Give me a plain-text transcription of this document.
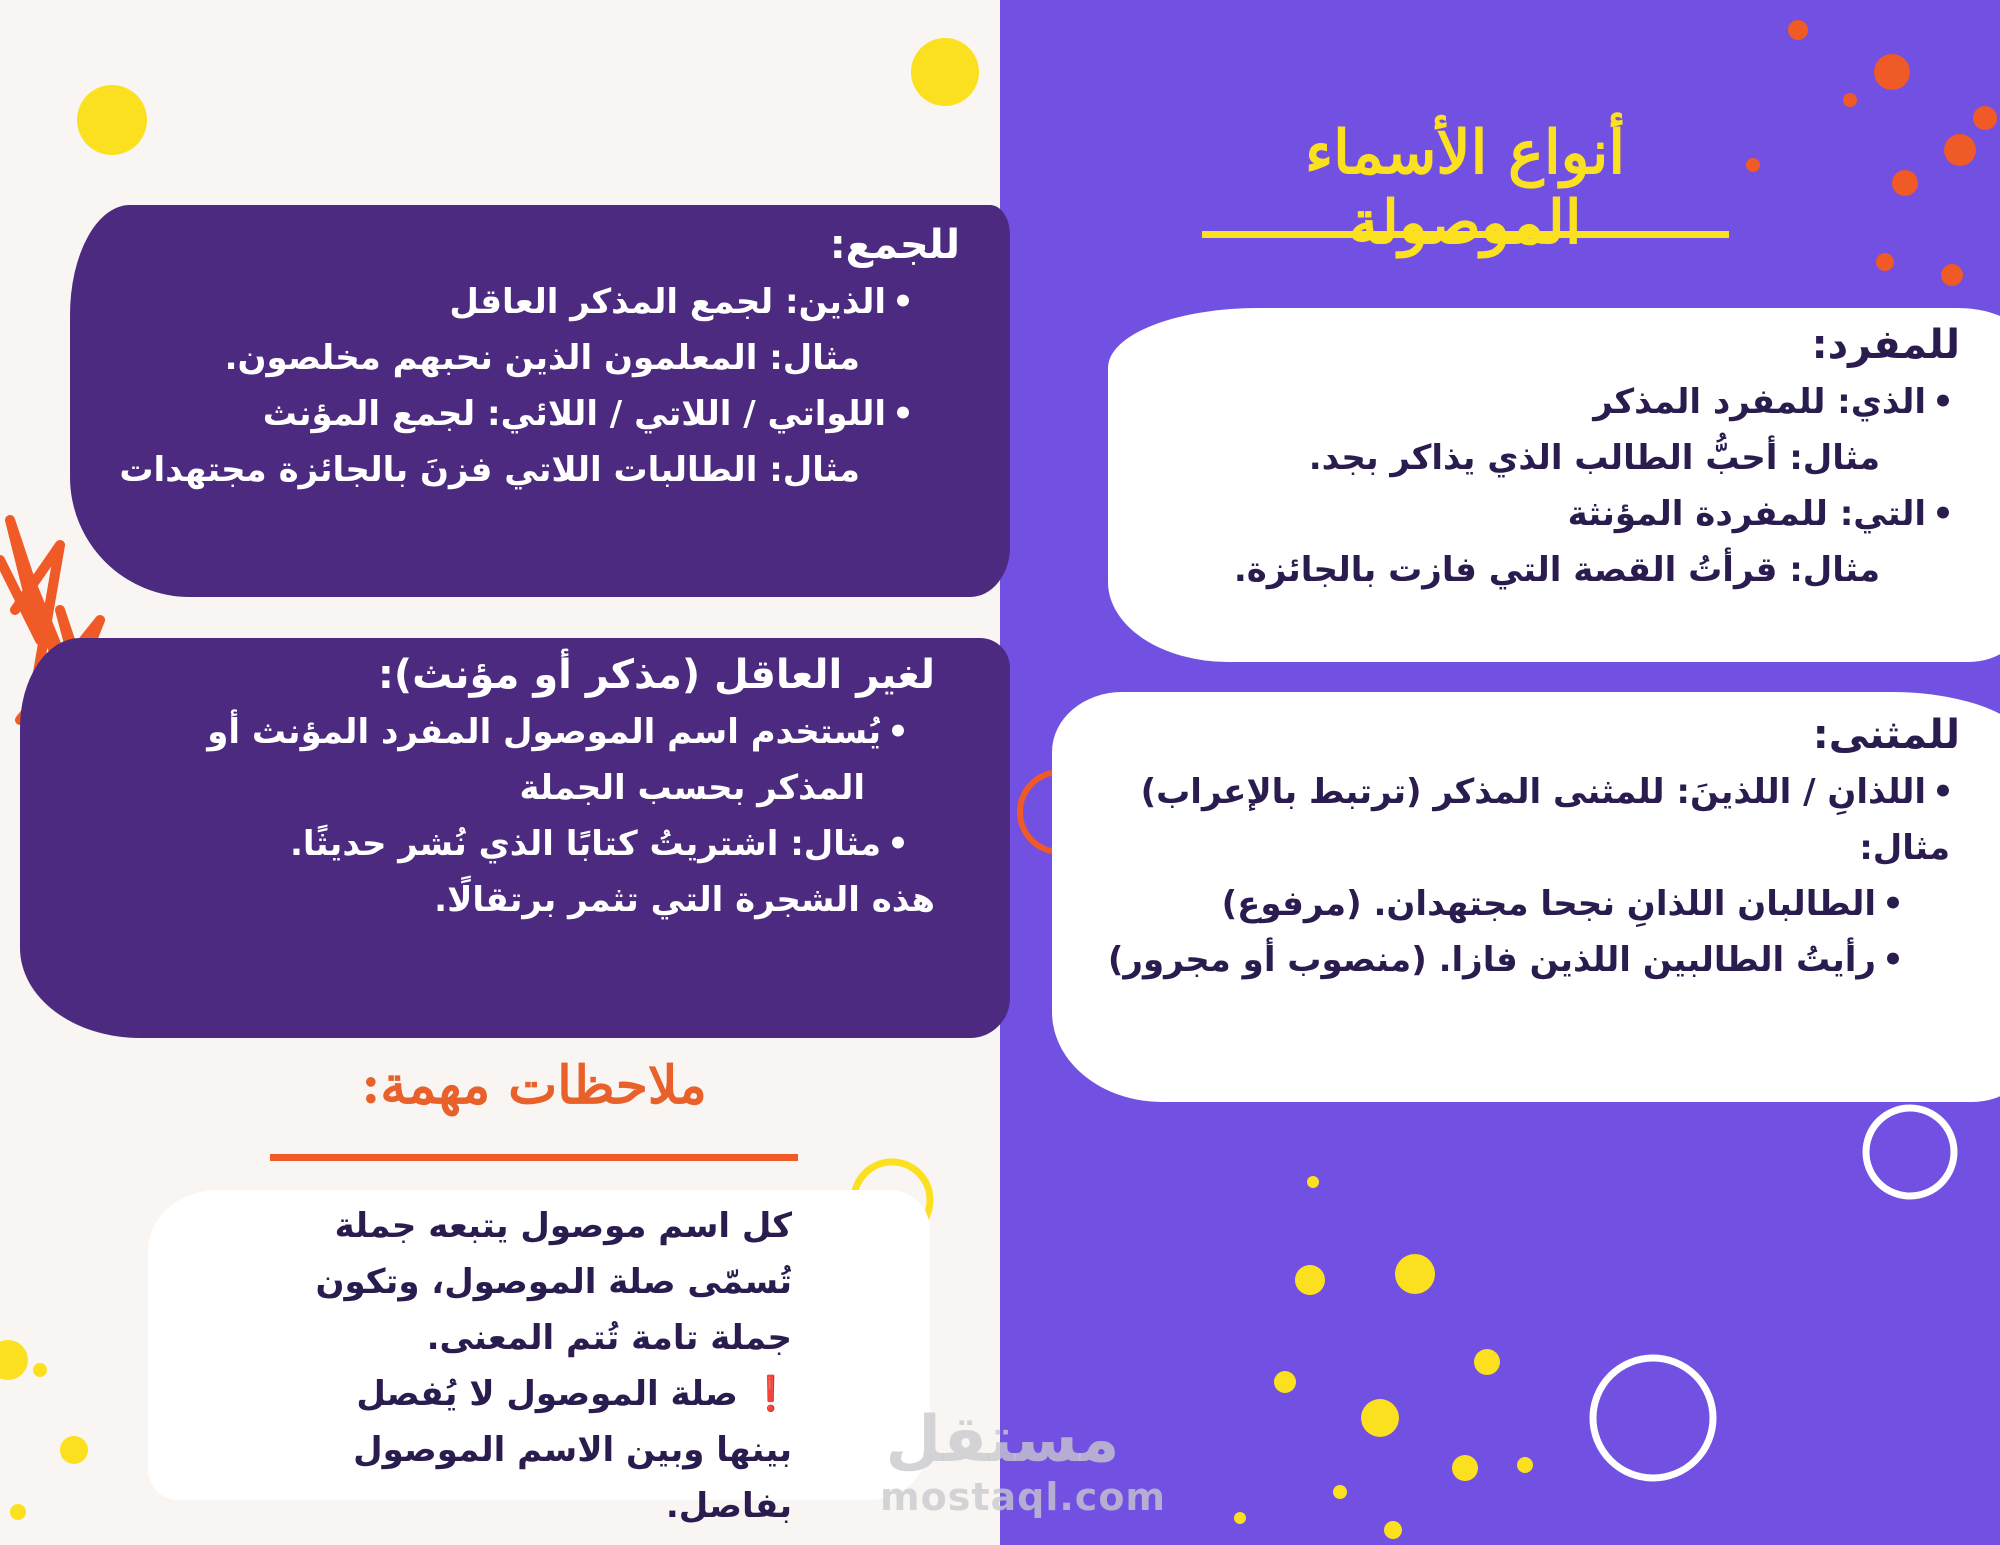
أنواع الأسماء الموصولة
للمفرد:
• الذي: للمفرد المذكر
مثال: أحبُّ الطالب الذي يذاكر بجد.
• التي: للمفردة المؤنثة
مثال: قرأتُ القصة التي فازت بالجائزة.
للمثنى:
• اللذانِ / اللذينَ: للمثنى المذكر (ترتبط بالإعراب)
مثال:
• الطالبان اللذانِ نجحا مجتهدان. (مرفوع)
• رأيتُ الطالبين اللذين فازا. (منصوب أو مجرور)
للجمع:
• الذين: لجمع المذكر العاقل
مثال: المعلمون الذين نحبهم مخلصون.
• اللواتي / اللاتي / اللائي: لجمع المؤنث
مثال: الطالبات اللاتي فزنَ بالجائزة مجتهدات
لغير العاقل (مذكر أو مؤنث):
• يُستخدم اسم الموصول المفرد المؤنث أو
المذكر بحسب الجملة
• مثال: اشتريتُ كتابًا الذي نُشر حديثًا.
هذه الشجرة التي تثمر برتقالًا.
ملاحظات مهمة:
كل اسم موصول يتبعه جملة
تُسمّى صلة الموصول، وتكون
جملة تامة تُتم المعنى.
❗ صلة الموصول لا يُفصل
بينها وبين الاسم الموصول
بفاصل.
مستقل
mostaql.com
